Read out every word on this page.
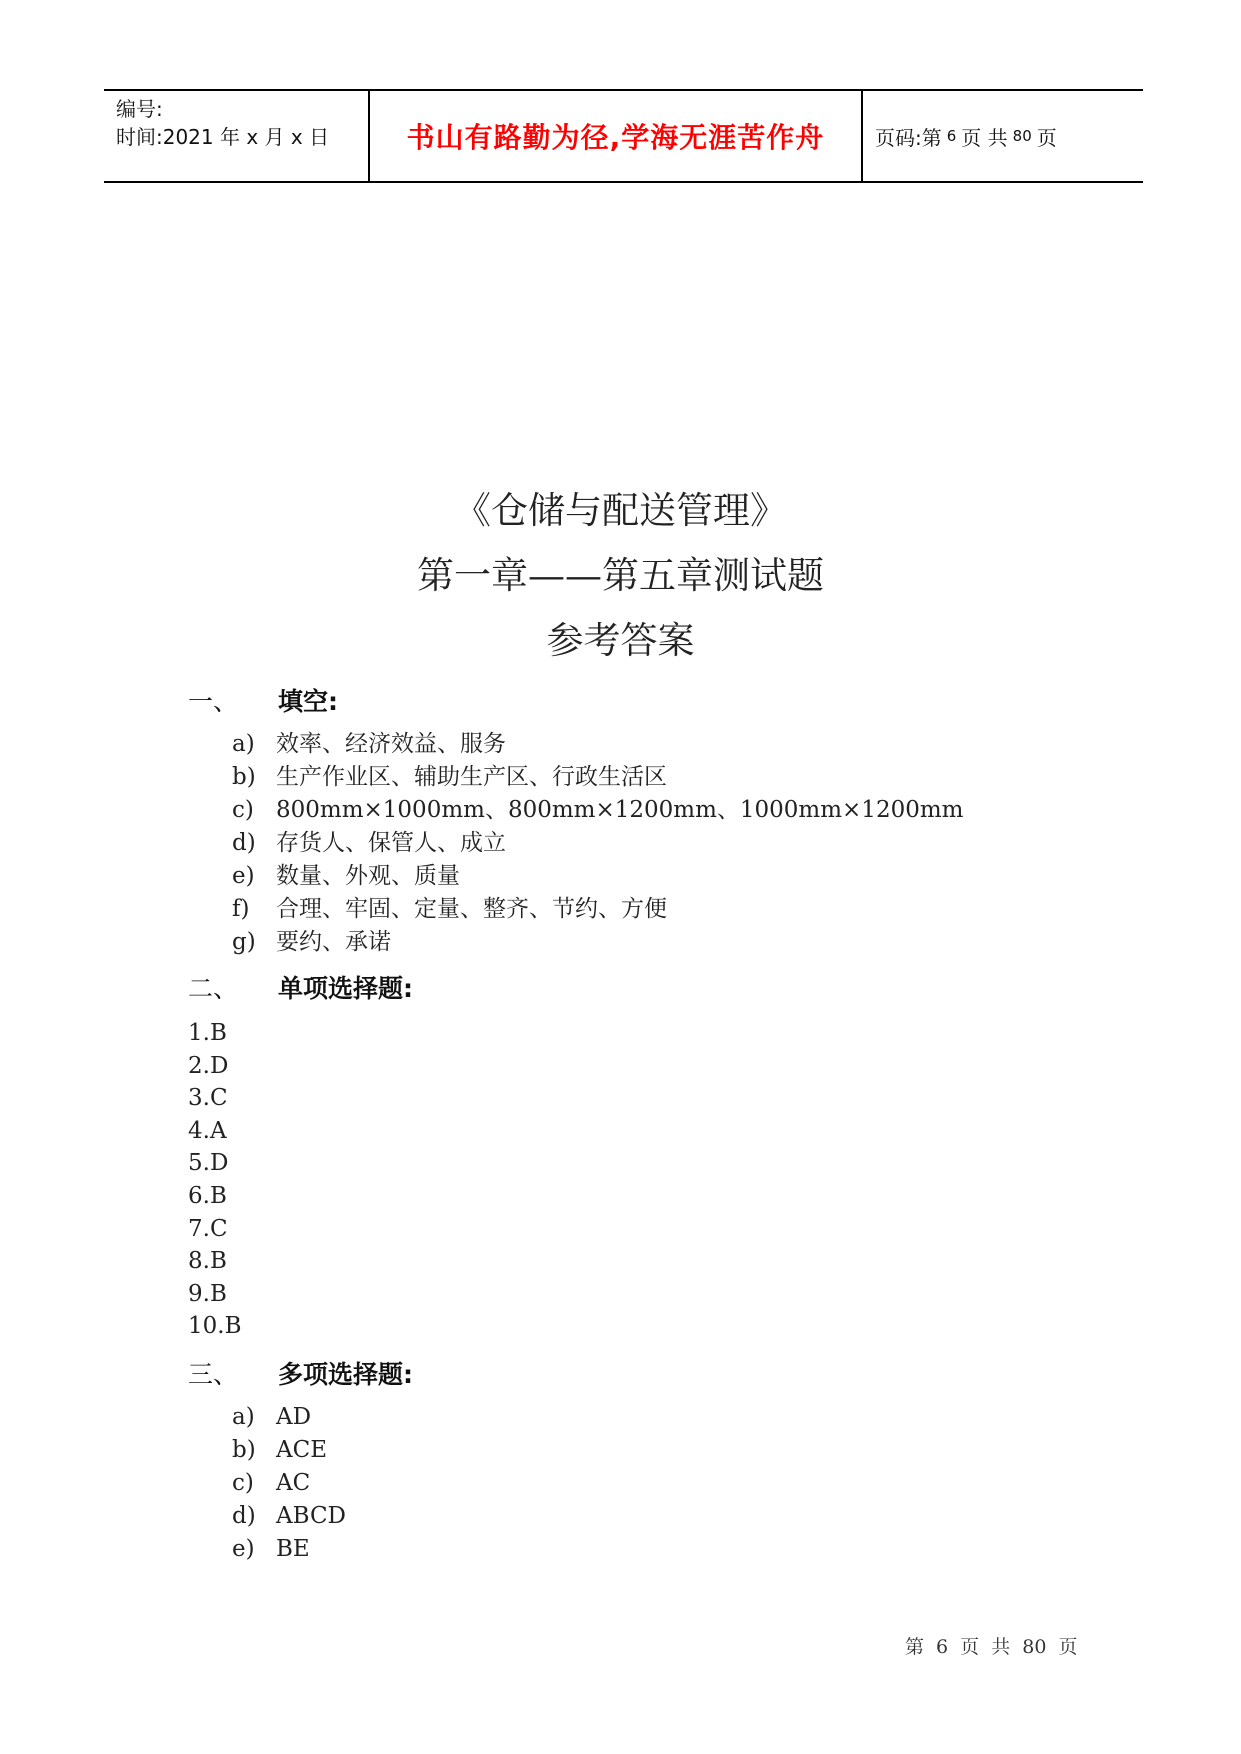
编号:
时间:2021 年 x 月 x 日	书山有路勤为径,学海无涯苦作舟	页码:第 6 页 共 80 页
《仓储与配送管理》
第一章——第五章测试题
参考答案
一、	填空:
a) 效率、经济效益、服务
b) 生产作业区、辅助生产区、行政生活区
c) 800mm×1000mm、800mm×1200mm、1000mm×1200mm
d) 存货人、保管人、成立
e) 数量、外观、质量
f)	合理、牢固、定量、整齐、节约、方便
g) 要约、承诺
二、	单项选择题:
1.B
2.D
3.C
4.A
5.D
6.B
7.C
8.B
9.B
10.B
三、	多项选择题:
a) AD
b) ACE
c) AC
d) ABCD
e) BE
第 6 页 共 80 页
